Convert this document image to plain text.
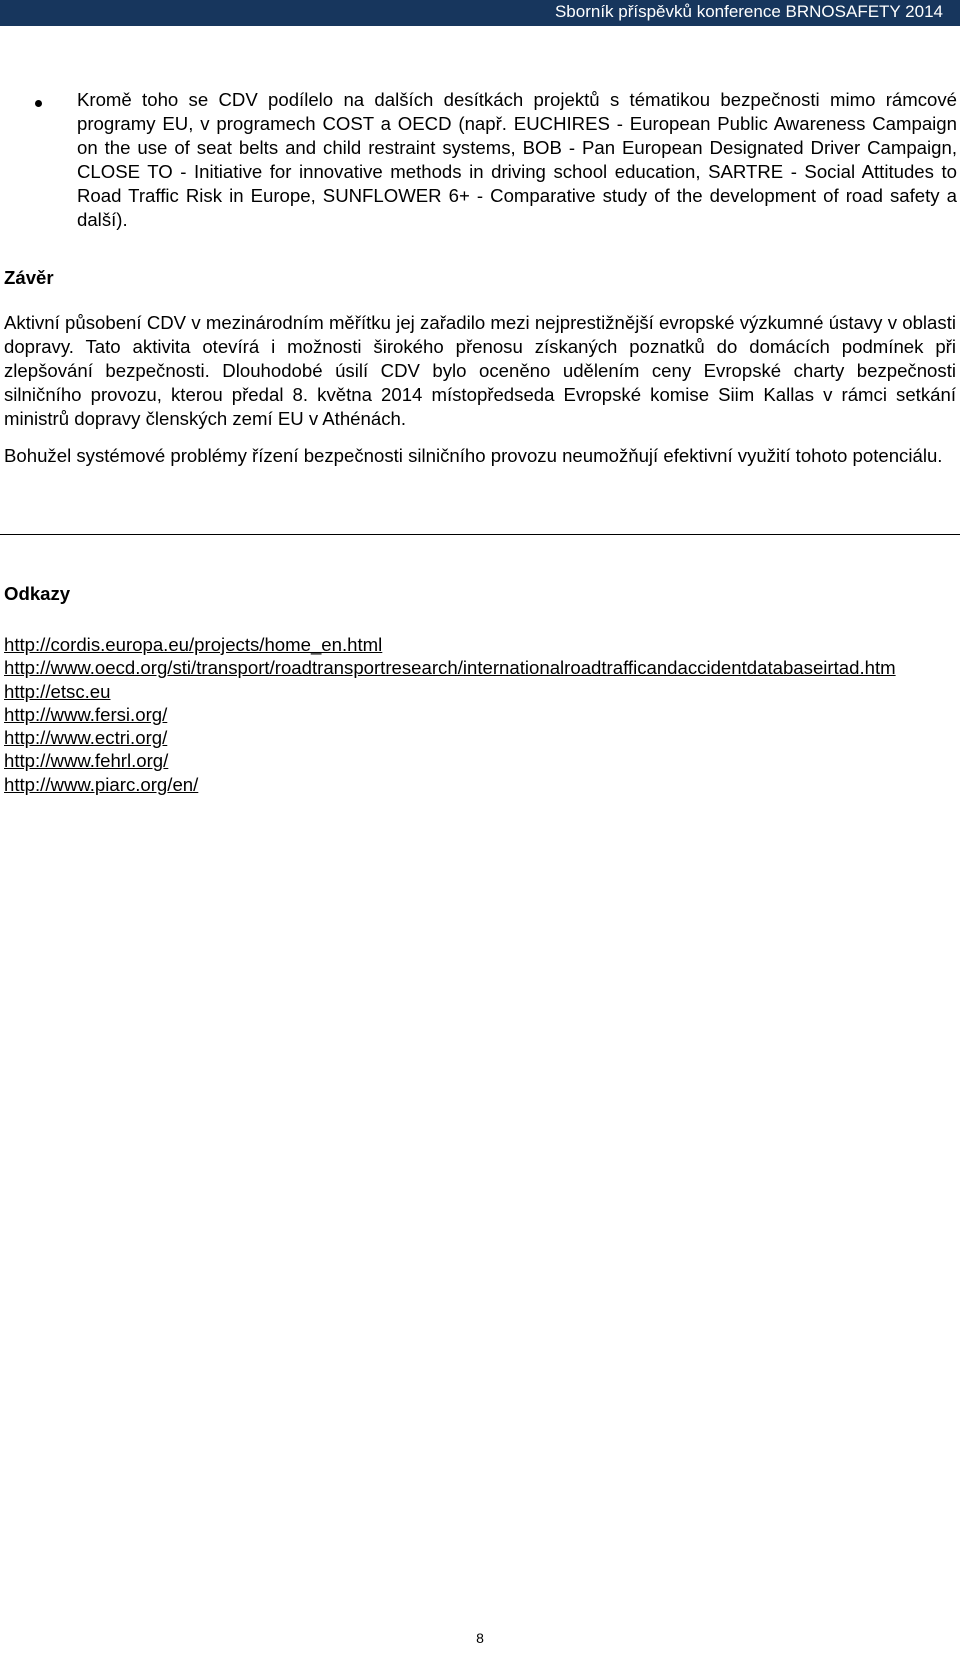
Sborník příspěvků konference BRNOSAFETY 2014

Kromě toho se CDV podílelo na dalších desítkách projektů s tématikou bezpečnosti mimo rámcové programy EU, v programech COST a OECD (např. EUCHIRES - European Public Awareness Campaign on the use of seat belts and child restraint systems, BOB - Pan European Designated Driver Campaign, CLOSE TO - Initiative for innovative methods in driving school education, SARTRE - Social Attitudes to Road Traffic Risk in Europe, SUNFLOWER 6+ - Comparative study of the development of road safety a další).

Závěr

Aktivní působení CDV v mezinárodním měřítku jej zařadilo mezi nejprestižnější evropské výzkumné ústavy v oblasti dopravy. Tato aktivita otevírá i možnosti širokého přenosu získaných poznatků do domácích podmínek při zlepšování bezpečnosti. Dlouhodobé úsilí CDV bylo oceněno udělením ceny Evropské charty bezpečnosti silničního provozu, kterou předal 8. května 2014 místopředseda Evropské komise Siim Kallas v rámci setkání ministrů dopravy členských zemí EU v Athénách.

Bohužel systémové problémy řízení bezpečnosti silničního provozu neumožňují efektivní využití tohoto potenciálu.

Odkazy
http://cordis.europa.eu/projects/home_en.html
http://www.oecd.org/sti/transport/roadtransportresearch/internationalroadtrafficandaccidentdatabaseirtad.htm
http://etsc.eu
http://www.fersi.org/
http://www.ectri.org/
http://www.fehrl.org/
http://www.piarc.org/en/
8
